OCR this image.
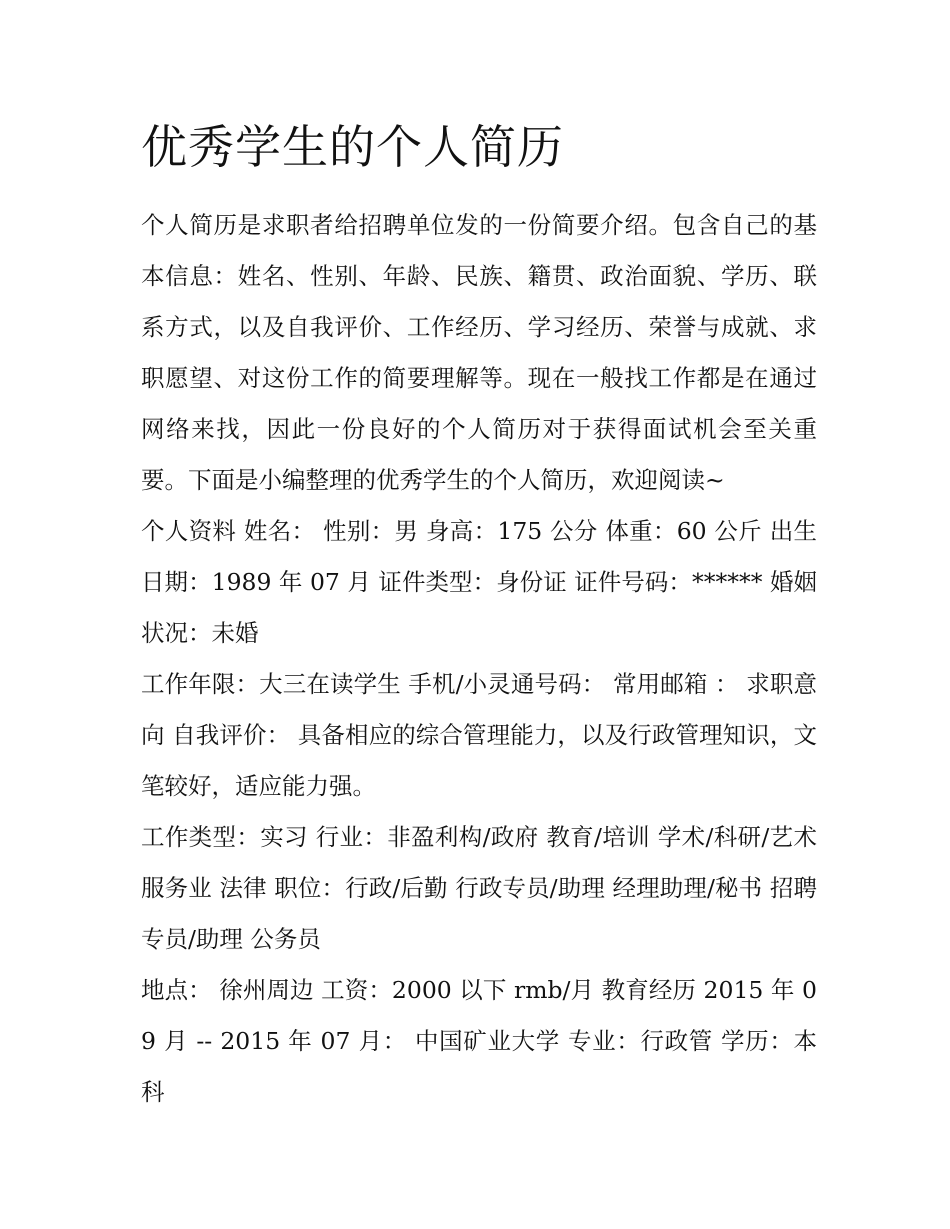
优秀学生的个人简历

个人简历是求职者给招聘单位发的一份简要介绍。包含自己的基本信息：姓名、性别、年龄、民族、籍贯、政治面貌、学历、联系方式，以及自我评价、工作经历、学习经历、荣誉与成就、求职愿望、对这份工作的简要理解等。现在一般找工作都是在通过网络来找，因此一份良好的个人简历对于获得面试机会至关重要。下面是小编整理的优秀学生的个人简历，欢迎阅读~

个人资料 姓名： 性别：男 身高：175 公分 体重：60 公斤 出生日期：1989 年 07 月 证件类型：身份证 证件号码：****** 婚姻状况：未婚

工作年限：大三在读学生 手机/小灵通号码： 常用邮箱 ： 求职意向 自我评价： 具备相应的综合管理能力，以及行政管理知识，文笔较好，适应能力强。

工作类型：实习 行业：非盈利构/政府 教育/培训 学术/科研/艺术 服务业 法律 职位：行政/后勤 行政专员/助理 经理助理/秘书 招聘专员/助理 公务员

地点： 徐州周边 工资：2000 以下 rmb/月 教育经历 2015 年 09 月 -- 2015 年 07 月： 中国矿业大学 专业：行政管 学历：本科
